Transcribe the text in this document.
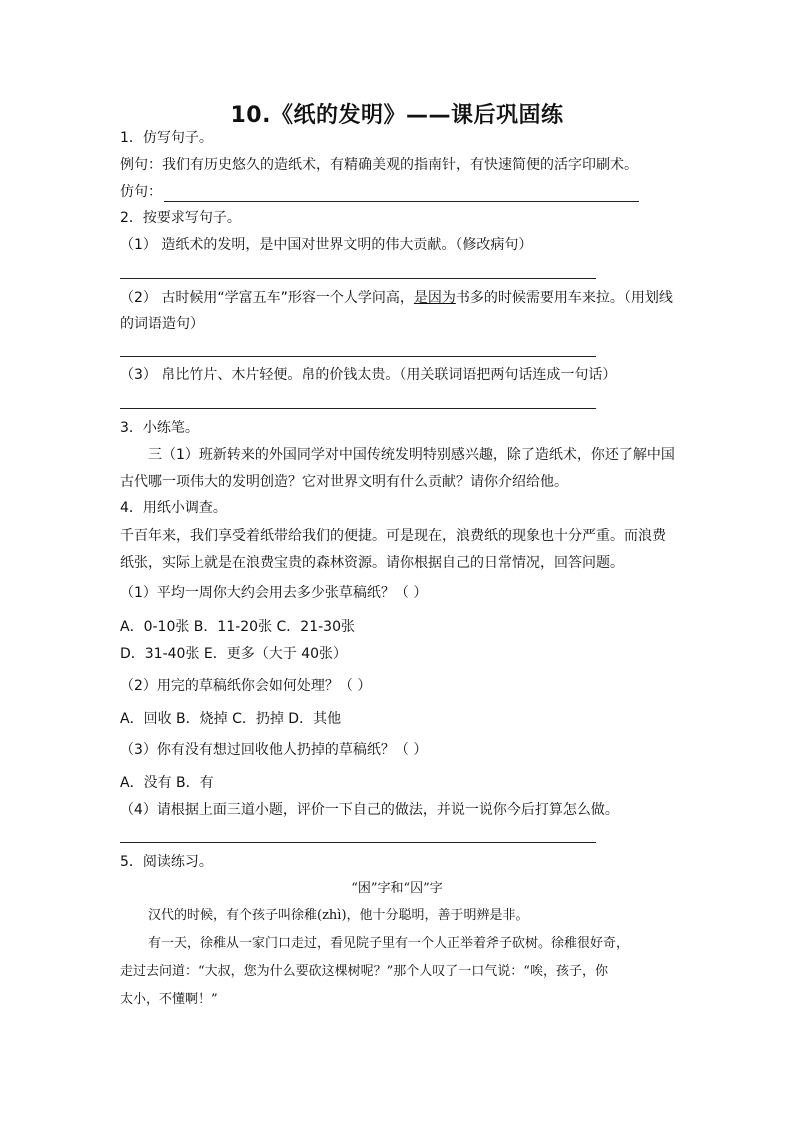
10.《纸的发明》——课后巩固练
1．仿写句子。
例句：我们有历史悠久的造纸术，有精确美观的指南针，有快速简便的活字印刷术。
仿句：
2．按要求写句子。
（1） 造纸术的发明，是中国对世界文明的伟大贡献。（修改病句）
（2） 古时候用“学富五车”形容一个人学问高，是因为书多的时候需要用车来拉。（用划线
的词语造句）
（3） 帛比竹片、木片轻便。帛的价钱太贵。（用关联词语把两句话连成一句话）
3．小练笔。
三（1）班新转来的外国同学对中国传统发明特别感兴趣，除了造纸术，你还了解中国
古代哪一项伟大的发明创造？它对世界文明有什么贡献？请你介绍给他。
4．用纸小调查。
千百年来，我们享受着纸带给我们的便捷。可是现在，浪费纸的现象也十分严重。而浪费
纸张，实际上就是在浪费宝贵的森林资源。请你根据自己的日常情况，回答问题。
（1）平均一周你大约会用去多少张草稿纸？（ ）
A．0-10张 B．11-20张 C．21-30张
D．31-40张 E．更多（大于 40张）
（2）用完的草稿纸你会如何处理？（ ）
A．回收 B．烧掉 C．扔掉 D．其他
（3）你有没有想过回收他人扔掉的草稿纸？（ ）
A．没有 B．有
（4）请根据上面三道小题，评价一下自己的做法，并说一说你今后打算怎么做。
5．阅读练习。
“困”字和“囚”字
汉代的时候，有个孩子叫徐稚(zhì)，他十分聪明，善于明辨是非。
有一天，徐稚从一家门口走过，看见院子里有一个人正举着斧子砍树。徐稚很好奇，
走过去问道：“大叔，您为什么要砍这棵树呢？”那个人叹了一口气说：“唉，孩子，你
太小，不懂啊！”
